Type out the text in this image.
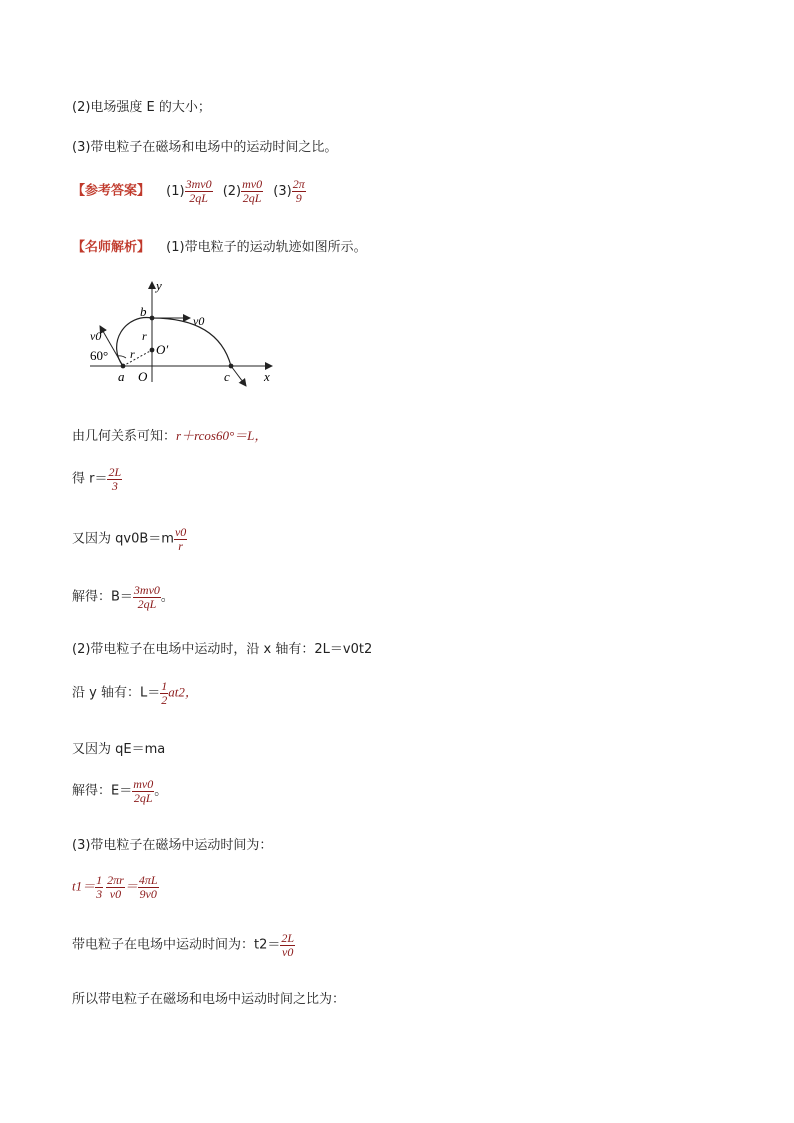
(2)电场强度 E 的大小；
(3)带电粒子在磁场和电场中的运动时间之比。
【参考答案】 $(1) \frac{3mv0}{2qL} (2) \frac{mv0}{2qL} (3) \frac{2\pi}{9}$
【名师解析】 (1)带电粒子的运动轨迹如图所示。
y
x
v0
v0
b
r
O′
60° r
a O	c
由几何关系可知：r＋rcos60°＝L，
得 $r= \frac{2L}{3}$
又因为 $qv0B=m \frac{v0}{r}$
解得：$B= \frac{3mv0}{2qL}$ 。
(2)带电粒子在电场中运动时，沿 x 轴有：2L＝v0t2
沿 y 轴有：$L= \frac{1}{2} at2$，
又因为 qE＝ma
解得：$E= \frac{mv0}{2qL}$ 。
(3)带电粒子在磁场中运动时间为：
$t1= \frac{1}{3} \frac{2\pi r}{v0} = \frac{4\pi L}{9v0}$
带电粒子在电场中运动时间为：$t2= \frac{2L}{v0}$
所以带电粒子在磁场和电场中运动时间之比为：
